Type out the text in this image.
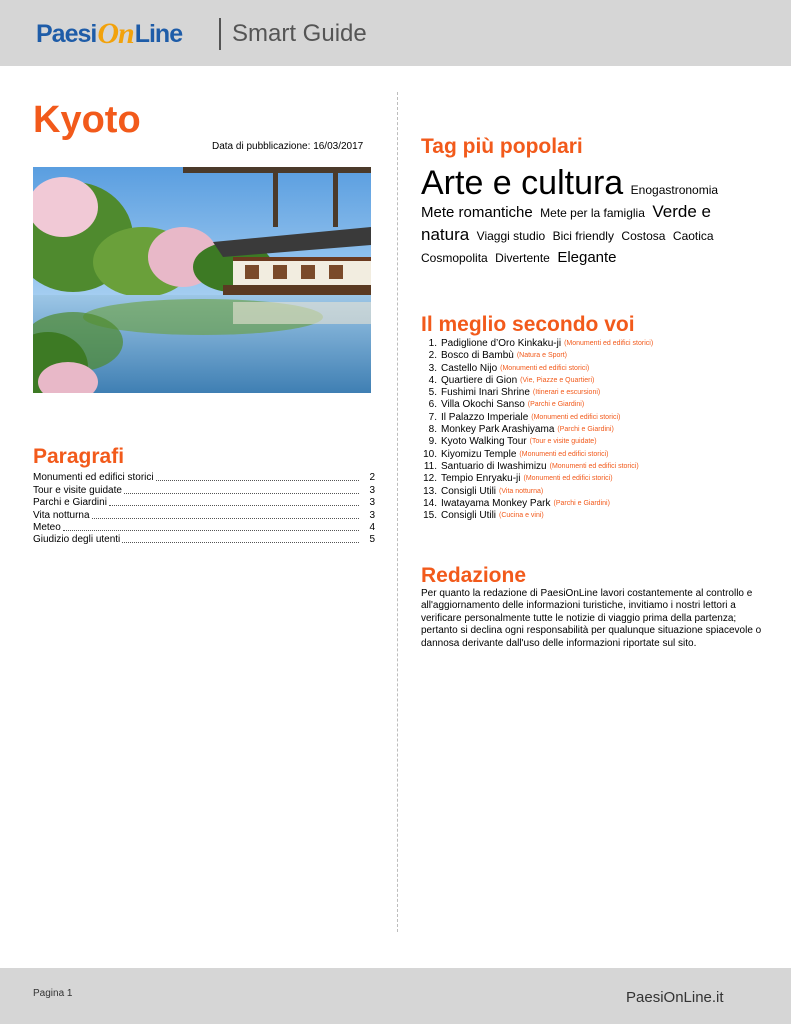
Paesi On Line Smart Guide
Kyoto
Data di pubblicazione: 16/03/2017
Paragrafi
Monumenti ed edifici storici	2
Tour e visite guidate	3
Parchi e Giardini	3
Vita notturna	3
Meteo	4
Giudizio degli utenti	5
Tag più popolari
Arte e cultura Enogastronomia Mete romantiche Mete per la famiglia Verde e natura Viaggi studio Bici friendly Costosa Caotica Cosmopolita Divertente Elegante
Il meglio secondo voi
1. Padiglione d’Oro Kinkaku-ji (Monumenti ed edifici storici)
2. Bosco di Bambù (Natura e Sport)
3. Castello Nijo (Monumenti ed edifici storici)
4. Quartiere di Gion (Vie, Piazze e Quartieri)
5. Fushimi Inari Shrine (Itinerari e escursioni)
6. Villa Okochi Sanso (Parchi e Giardini)
7. Il Palazzo Imperiale (Monumenti ed edifici storici)
8. Monkey Park Arashiyama (Parchi e Giardini)
9. Kyoto Walking Tour (Tour e visite guidate)
10. Kiyomizu Temple (Monumenti ed edifici storici)
11. Santuario di Iwashimizu (Monumenti ed edifici storici)
12. Tempio Enryaku-ji (Monumenti ed edifici storici)
13. Consigli Utili (Vita notturna)
14. Iwatayama Monkey Park (Parchi e Giardini)
15. Consigli Utili (Cucina e vini)
Redazione
Per quanto la redazione di PaesiOnLine lavori costantemente al controllo e all'aggiornamento delle informazioni turistiche, invitiamo i nostri lettori a verificare personalmente tutte le notizie di viaggio prima della partenza; pertanto si declina ogni responsabilità per qualunque situazione spiacevole o dannosa derivante dall'uso delle informazioni riportate sul sito.
Pagina 1	PaesiOnLine.it
